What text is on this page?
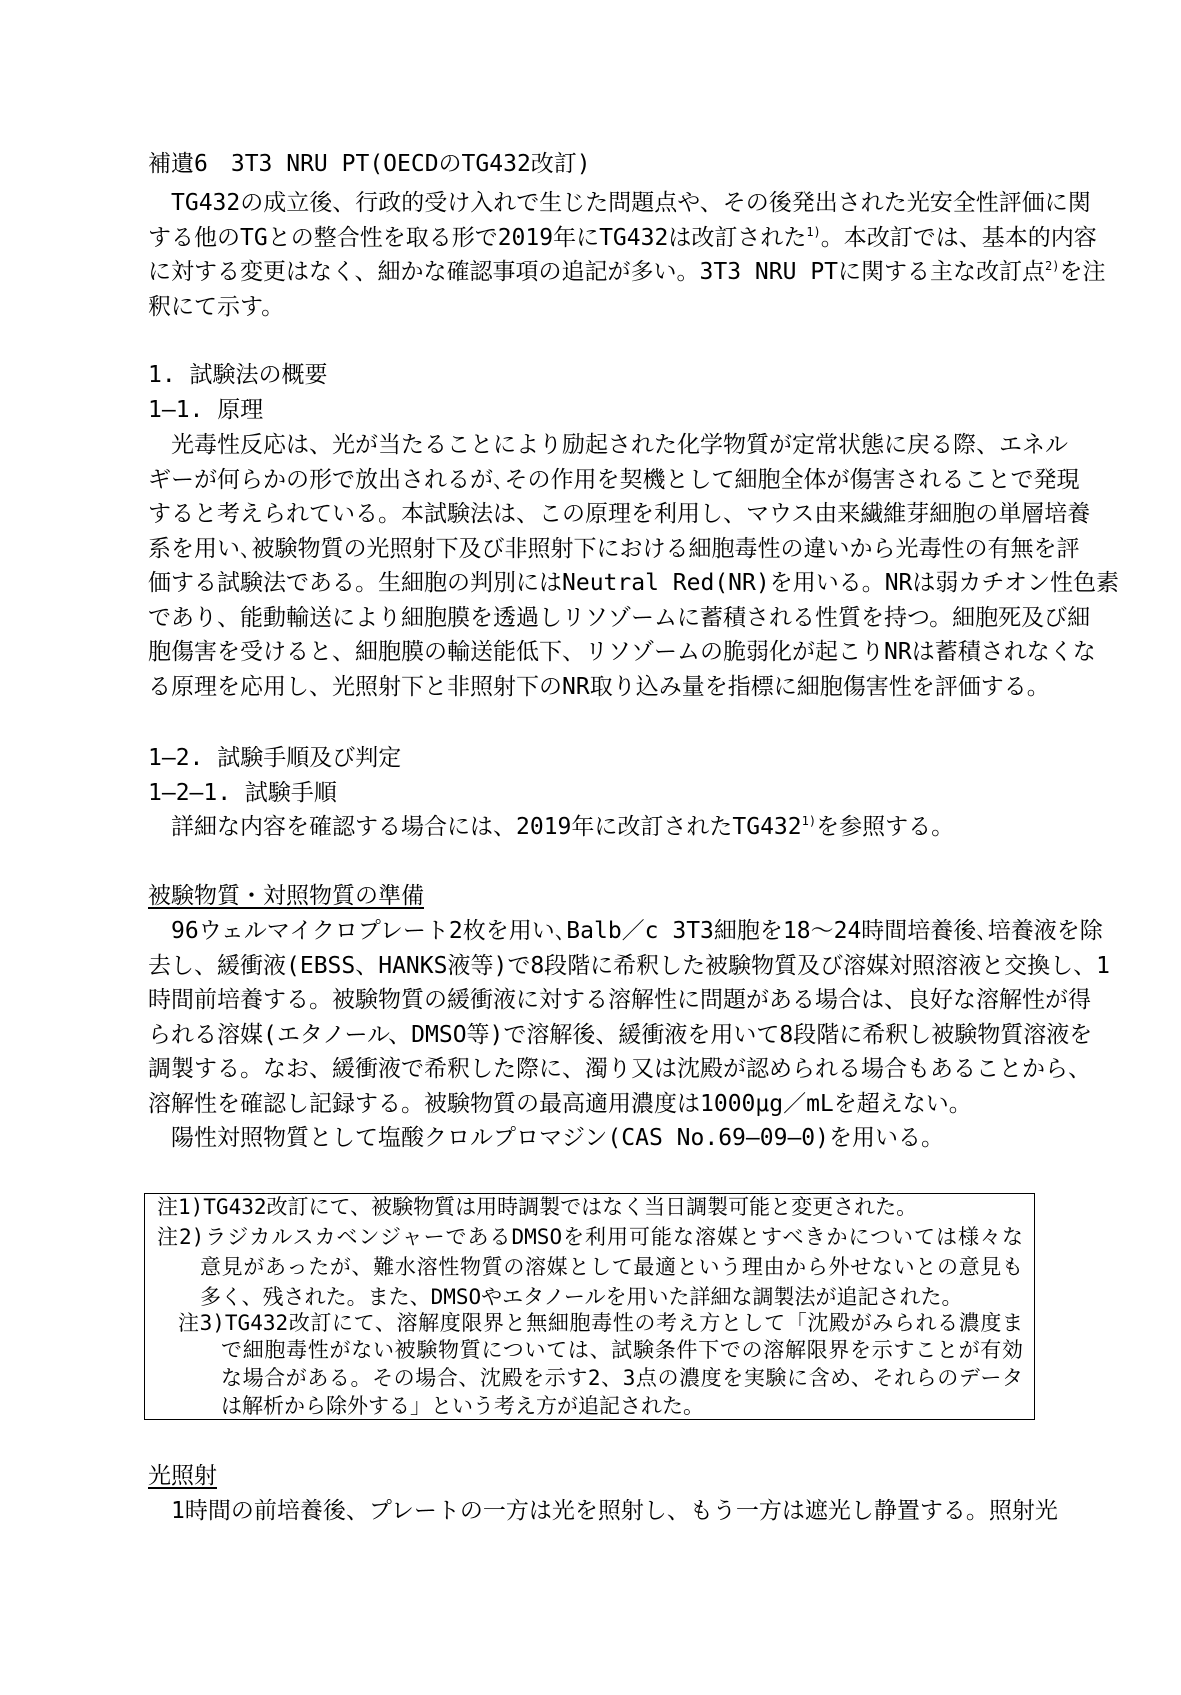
補遺6　3T3 NRU PT(OECDのTG432改訂)
　TG432の成立後、行政的受け入れで生じた問題点や、その後発出された光安全性評価に関
する他のTGとの整合性を取る形で2019年にTG432は改訂された$^{1)}$。本改訂では、基本的内容
に対する変更はなく、細かな確認事項の追記が多い。3T3 NRU PTに関する主な改訂点$^{2)}$を注
釈にて示す。
1. 試験法の概要
1—1. 原理
　光毒性反応は、光が当たることにより励起された化学物質が定常状態に戻る際、エネル
ギーが何らかの形で放出されるが､その作用を契機として細胞全体が傷害されることで発現
すると考えられている。本試験法は、この原理を利用し、マウス由来繊維芽細胞の単層培養
系を用い､被験物質の光照射下及び非照射下における細胞毒性の違いから光毒性の有無を評
価する試験法である。生細胞の判別にはNeutral Red(NR)を用いる。NRは弱カチオン性色素
であり、能動輸送により細胞膜を透過しリソゾームに蓄積される性質を持つ。細胞死及び細
胞傷害を受けると、細胞膜の輸送能低下、リソゾームの脆弱化が起こりNRは蓄積されなくな
る原理を応用し、光照射下と非照射下のNR取り込み量を指標に細胞傷害性を評価する。
1—2. 試験手順及び判定
1—2—1. 試験手順
　詳細な内容を確認する場合には、2019年に改訂されたTG432$^{1)}$を参照する。
被験物質・対照物質の準備
　96ウェルマイクロプレート2枚を用い､Balb／c 3T3細胞を18～24時間培養後､培養液を除
去し、緩衝液(EBSS、HANKS液等)で8段階に希釈した被験物質及び溶媒対照溶液と交換し、1
時間前培養する。被験物質の緩衝液に対する溶解性に問題がある場合は、良好な溶解性が得
られる溶媒(エタノール、DMSO等)で溶解後、緩衝液を用いて8段階に希釈し被験物質溶液を
調製する。なお、緩衝液で希釈した際に、濁り又は沈殿が認められる場合もあることから、
溶解性を確認し記録する。被験物質の最高適用濃度は1000μg／mLを超えない。
　陽性対照物質として塩酸クロルプロマジン(CAS No.69—09—0)を用いる。
注1)TG432改訂にて、被験物質は用時調製ではなく当日調製可能と変更された。
注2)ラジカルスカベンジャーであるDMSOを利用可能な溶媒とすべきかについては様々な
意見があったが、難水溶性物質の溶媒として最適という理由から外せないとの意見も
多く、残された。また、DMSOやエタノールを用いた詳細な調製法が追記された。
注3)TG432改訂にて、溶解度限界と無細胞毒性の考え方として「沈殿がみられる濃度ま
で細胞毒性がない被験物質については、試験条件下での溶解限界を示すことが有効
な場合がある。その場合、沈殿を示す2、3点の濃度を実験に含め、それらのデータ
は解析から除外する」という考え方が追記された。
光照射
　1時間の前培養後、プレートの一方は光を照射し、もう一方は遮光し静置する。照射光
